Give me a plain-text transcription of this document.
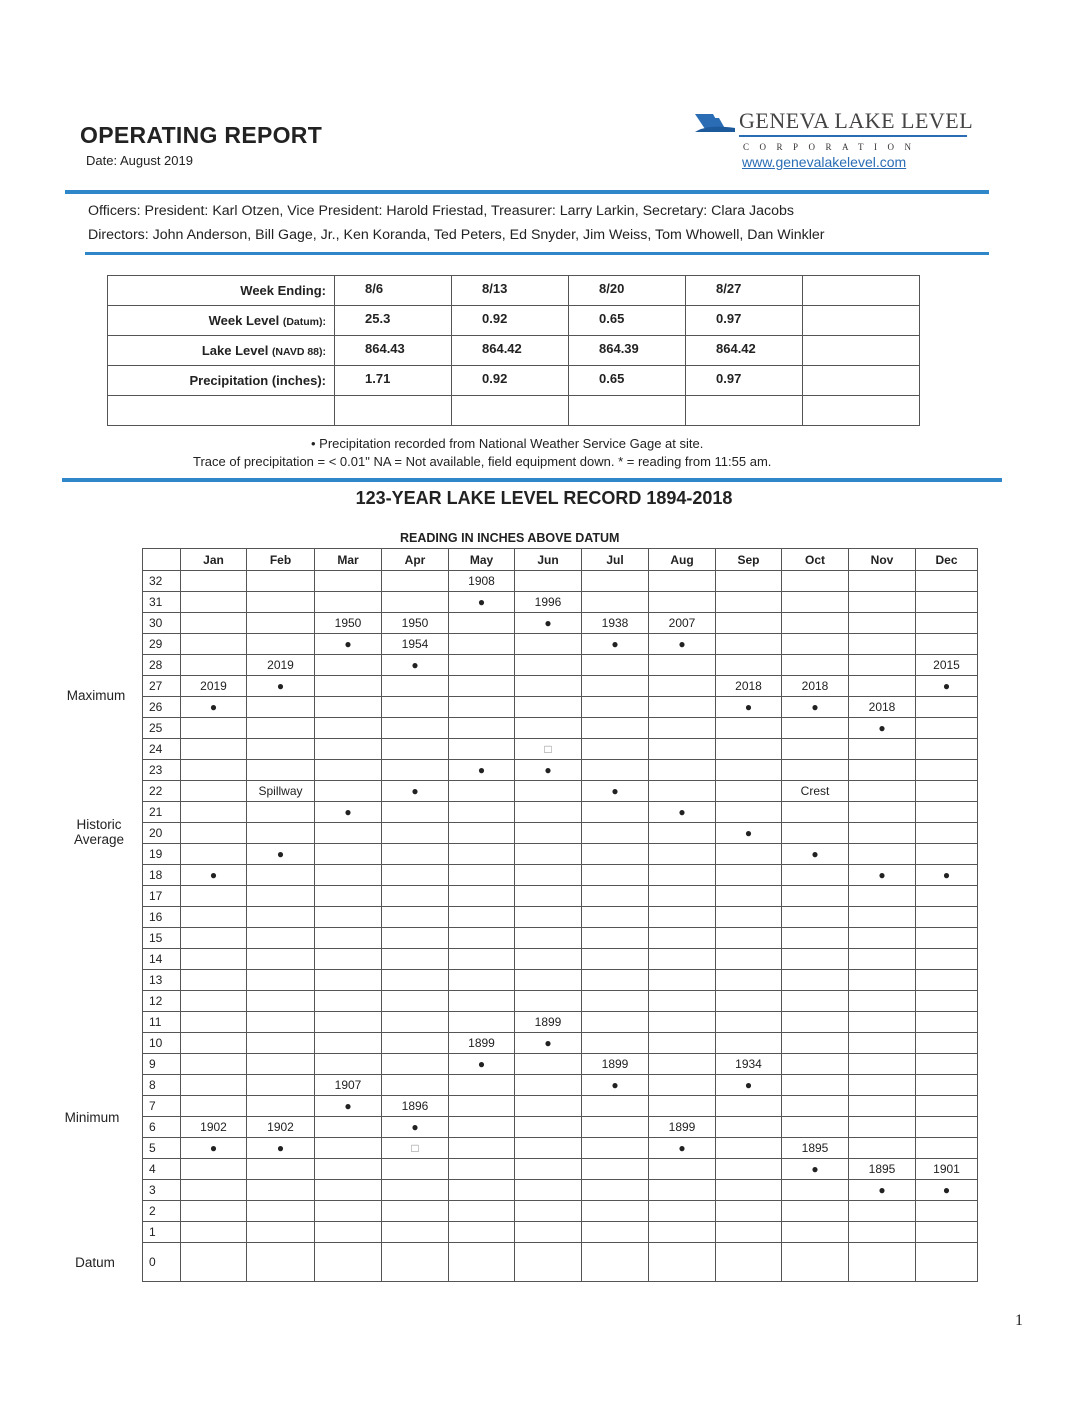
OPERATING REPORT
Date: August 2019
GENEVA LAKE LEVEL
CORPORATION
www.genevalakelevel.com
Officers: President: Karl Otzen, Vice President: Harold Friestad, Treasurer: Larry Larkin, Secretary: Clara Jacobs
Directors: John Anderson, Bill Gage, Jr., Ken Koranda, Ted Peters, Ed Snyder, Jim Weiss, Tom Whowell, Dan Winkler
Week Ending:	8/6	8/13	8/20	8/27	
Week Level (Datum):	25.3	0.92	0.65	0.97	
Lake Level (NAVD 88):	864.43	864.42	864.39	864.42	
Precipitation (inches):	1.71	0.92	0.65	0.97	

• Precipitation recorded from National Weather Service Gage at site.
Trace of precipitation = < 0.01" NA = Not available, field equipment down. * = reading from 11:55 am.
123-YEAR LAKE LEVEL RECORD 1894-2018
READING IN INCHES ABOVE DATUM
Maximum
Historic Average
Minimum
Datum
	Jan	Feb	Mar	Apr	May	Jun	Jul	Aug	Sep	Oct	Nov	Dec
32					1908							
31					●	1996						
30			1950	1950		●	1938	2007				
29			●	1954			●	●				
28		2019		●								2015
27	2019	●							2018	2018		●
26	●								●	●	2018	
25											●	
24						□						
23					●	●						
22		Spillway		●			●			Crest		
21			●					●				
20									●			
19		●								●		
18	●										●	●
17												
16												
15												
14												
13												
12												
11						1899						
10					1899	●						
9					●		1899		1934			
8			1907				●		●			
7			●	1896								
6	1902	1902		●				1899				
5	●	●		□				●		1895		
4										●	1895	1901
3											●	●
2												
1												
0												
1
